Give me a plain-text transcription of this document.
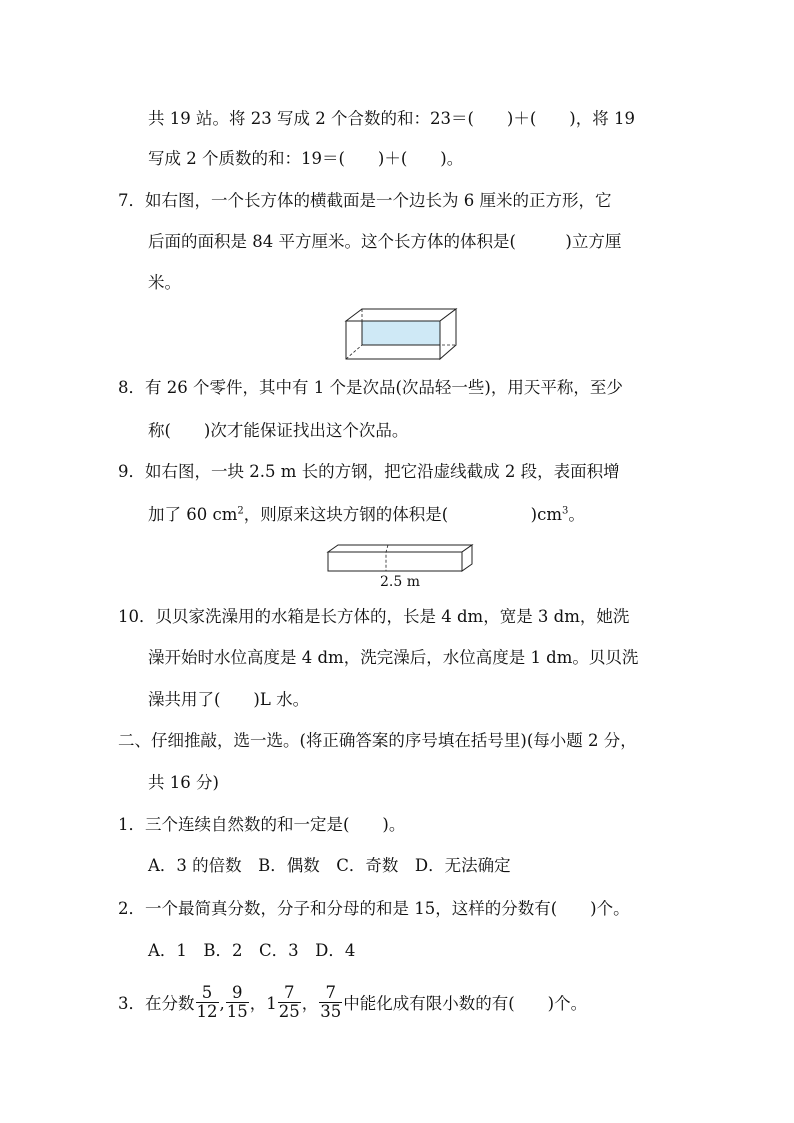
共 19 站。将 23 写成 2 个合数的和：23＝(　　)＋(　　)，将 19
写成 2 个质数的和：19＝(　　)＋(　　)。
7．如右图，一个长方体的横截面是一个边长为 6 厘米的正方形，它
后面的面积是 84 平方厘米。这个长方体的体积是(　　　)立方厘
米。
8．有 26 个零件，其中有 1 个是次品(次品轻一些)，用天平称，至少
称(　　)次才能保证找出这个次品。
9．如右图，一块 2.5 m 长的方钢，把它沿虚线截成 2 段，表面积增
加了 60 $cm^2$，则原来这块方钢的体积是(　　　　　)$cm^3$。
2.5 m
10．贝贝家洗澡用的水箱是长方体的，长是 4 dm，宽是 3 dm，她洗
澡开始时水位高度是 4 dm，洗完澡后，水位高度是 1 dm。贝贝洗
澡共用了(　　)L 水。
二、仔细推敲，选一选。(将正确答案的序号填在括号里)(每小题 2 分，
共 16 分)
1．三个连续自然数的和一定是(　　)。
A．3 的倍数　B．偶数　C．奇数　D．无法确定
2．一个最简真分数，分子和分母的和是 15，这样的分数有(　　)个。
A．1　B．2　C．3　D．4
3．在分数 $\frac{5}{12}$ , $\frac{9}{15}$ ，$1 \frac{7}{25}$ ， $\frac{7}{35}$ 中能化成有限小数的有(　　)个。
